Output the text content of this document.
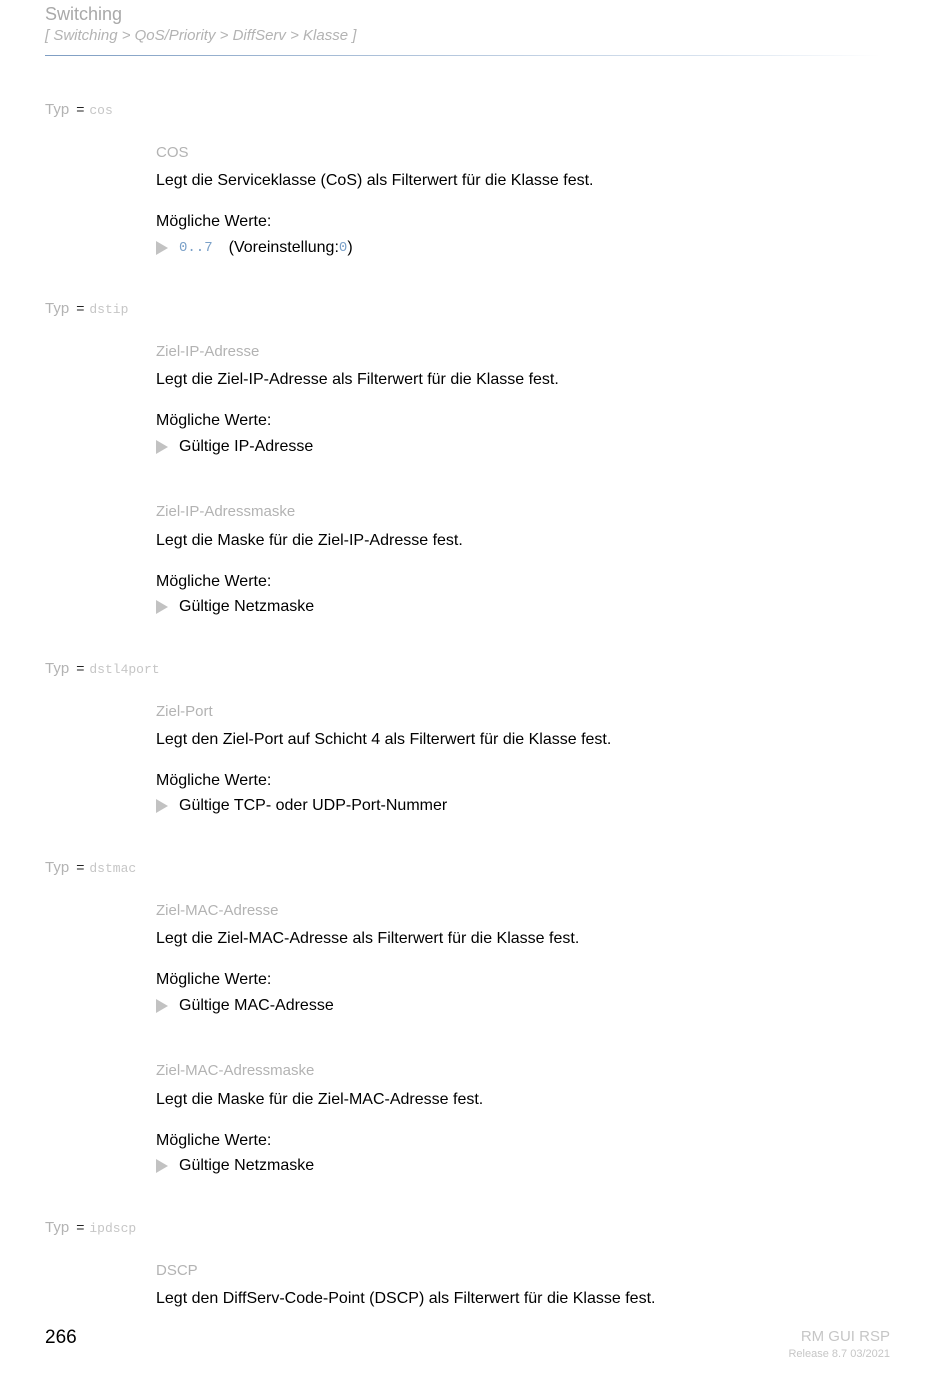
Switching
[ Switching > QoS/Priority > DiffServ > Klasse ]
Typ = cos
COS
Legt die Serviceklasse (CoS) als Filterwert für die Klasse fest.
Mögliche Werte:
0..7 (Voreinstellung: 0 )
Typ = dstip
Ziel-IP-Adresse
Legt die Ziel-IP-Adresse als Filterwert für die Klasse fest.
Mögliche Werte:
Gültige IP-Adresse
Ziel-IP-Adressmaske
Legt die Maske für die Ziel-IP-Adresse fest.
Mögliche Werte:
Gültige Netzmaske
Typ = dstl4port
Ziel-Port
Legt den Ziel-Port auf Schicht 4 als Filterwert für die Klasse fest.
Mögliche Werte:
Gültige TCP- oder UDP-Port-Nummer
Typ = dstmac
Ziel-MAC-Adresse
Legt die Ziel-MAC-Adresse als Filterwert für die Klasse fest.
Mögliche Werte:
Gültige MAC-Adresse
Ziel-MAC-Adressmaske
Legt die Maske für die Ziel-MAC-Adresse fest.
Mögliche Werte:
Gültige Netzmaske
Typ = ipdscp
DSCP
Legt den DiffServ-Code-Point (DSCP) als Filterwert für die Klasse fest.
266	RM GUI RSP
Release 8.7 03/2021
